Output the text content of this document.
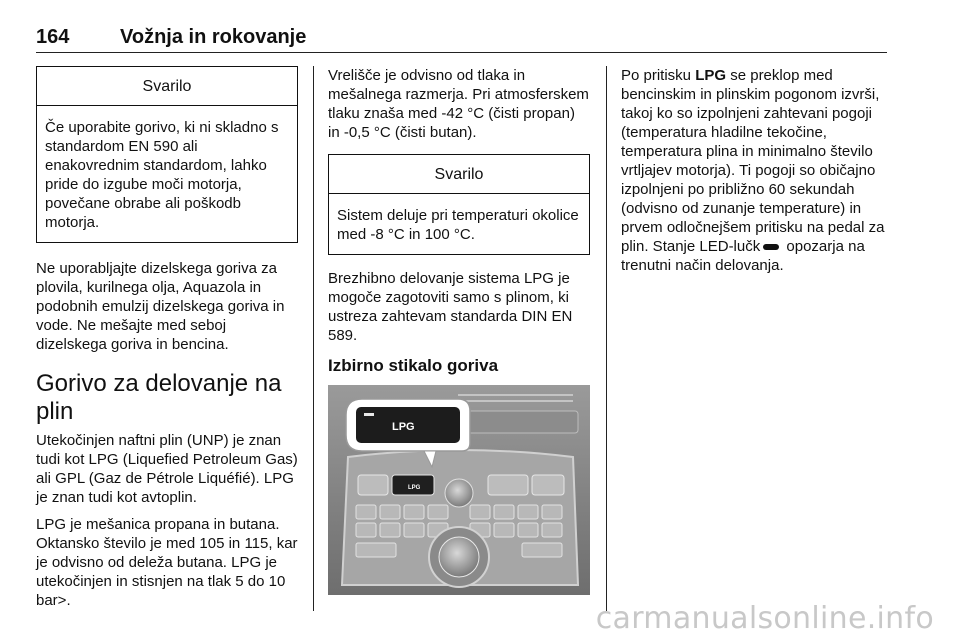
164	Vožnja in rokovanje
Svarilo
Če uporabite gorivo, ki ni skladno s standardom EN 590 ali enakovrednim standardom, lahko pride do izgube moči motorja, povečane obrabe ali poškodb motorja.

Ne uporabljajte dizelskega goriva za plovila, kurilnega olja, Aquazola in podobnih emulzij dizelskega goriva in vode. Ne mešajte med seboj dizelskega goriva in bencina.

Gorivo za delovanje na plin

Utekočinjen naftni plin (UNP) je znan tudi kot LPG (Liquefied Petroleum Gas) ali GPL (Gaz de Pétrole Liquéfié). LPG je znan tudi kot avtoplin.

LPG je mešanica propana in butana. Oktansko število je med 105 in 115, kar je odvisno od deleža butana. LPG je utekočinjen in stisnjen na tlak 5 do 10 bar>.

Vrelišče je odvisno od tlaka in mešalnega razmerja. Pri atmosferskem tlaku znaša med -42 °C (čisti propan) in -0,5 °C (čisti butan).

Svarilo
Sistem deluje pri temperaturi okolice med -8 °C in 100 °C.

Brezhibno delovanje sistema LPG je mogoče zagotoviti samo s plinom, ki ustreza zahtevam standarda DIN EN 589.

Izbirno stikalo goriva
LPG
LPG

Po pritisku LPG se preklop med bencinskim in plinskim pogonom izvrši, takoj ko so izpolnjeni zahtevani pogoji (temperatura hladilne tekočine, temperatura plina in minimalno število vrtljajev motorja). Ti pogoji so običajno izpolnjeni po približno 60 sekundah (odvisno od zunanje temperature) in prvem odločnejšem pritisku na pedal za plin. Stanje LED-lučk opozarja na trenutni način delovanja.

carmanualsonline.info
